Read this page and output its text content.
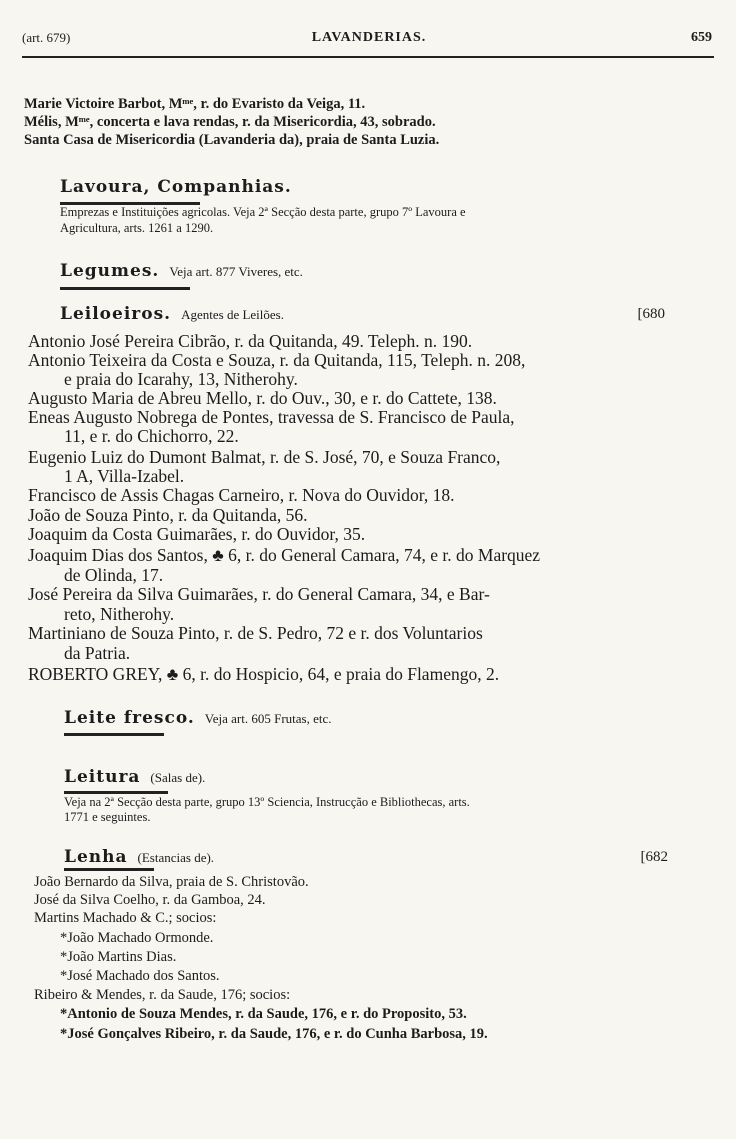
(art. 679)	LAVANDERIAS.	659
Marie Victoire Barbot, Mᵐᵉ, r. do Evaristo da Veiga, 11.
Mélis, Mᵐᵉ, concerta e lava rendas, r. da Misericordia, 43, sobrado.
Santa Casa de Misericordia (Lavanderia da), praia de Santa Luzia.
Lavoura, Companhias.
Emprezas e Instituições agricolas. Veja 2ª Secção desta parte, grupo 7º Lavoura e
Agricultura, arts. 1261 a 1290.
Legumes. Veja art. 877 Viveres, etc.
Leiloeiros. Agentes de Leilões.	[680
Antonio José Pereira Cibrão, r. da Quitanda, 49. Teleph. n. 190.
Antonio Teixeira da Costa e Souza, r. da Quitanda, 115, Teleph. n. 208,
e praia do Icarahy, 13, Nitherohy.
Augusto Maria de Abreu Mello, r. do Ouv., 30, e r. do Cattete, 138.
Eneas Augusto Nobrega de Pontes, travessa de S. Francisco de Paula,
11, e r. do Chichorro, 22.
Eugenio Luiz do Dumont Balmat, r. de S. José, 70, e Souza Franco,
1 A, Villa-Izabel.
Francisco de Assis Chagas Carneiro, r. Nova do Ouvidor, 18.
João de Souza Pinto, r. da Quitanda, 56.
Joaquim da Costa Guimarães, r. do Ouvidor, 35.
Joaquim Dias dos Santos, ♣ 6, r. do General Camara, 74, e r. do Marquez
de Olinda, 17.
José Pereira da Silva Guimarães, r. do General Camara, 34, e Bar-
reto, Nitherohy.
Martiniano de Souza Pinto, r. de S. Pedro, 72 e r. dos Voluntarios
da Patria.
ROBERTO GREY, ♣ 6, r. do Hospicio, 64, e praia do Flamengo, 2.
Leite fresco. Veja art. 605 Frutas, etc.
Leitura (Salas de).
Veja na 2ª Secção desta parte, grupo 13º Sciencia, Instrucção e Bibliothecas, arts.
1771 e seguintes.
Lenha (Estancias de).	[682
João Bernardo da Silva, praia de S. Christovão.
José da Silva Coelho, r. da Gamboa, 24.
Martins Machado & C.; socios:
*João Machado Ormonde.
*João Martins Dias.
*José Machado dos Santos.
Ribeiro & Mendes, r. da Saude, 176; socios:
*Antonio de Souza Mendes, r. da Saude, 176, e r. do Proposito, 53.
*José Gonçalves Ribeiro, r. da Saude, 176, e r. do Cunha Barbosa, 19.
